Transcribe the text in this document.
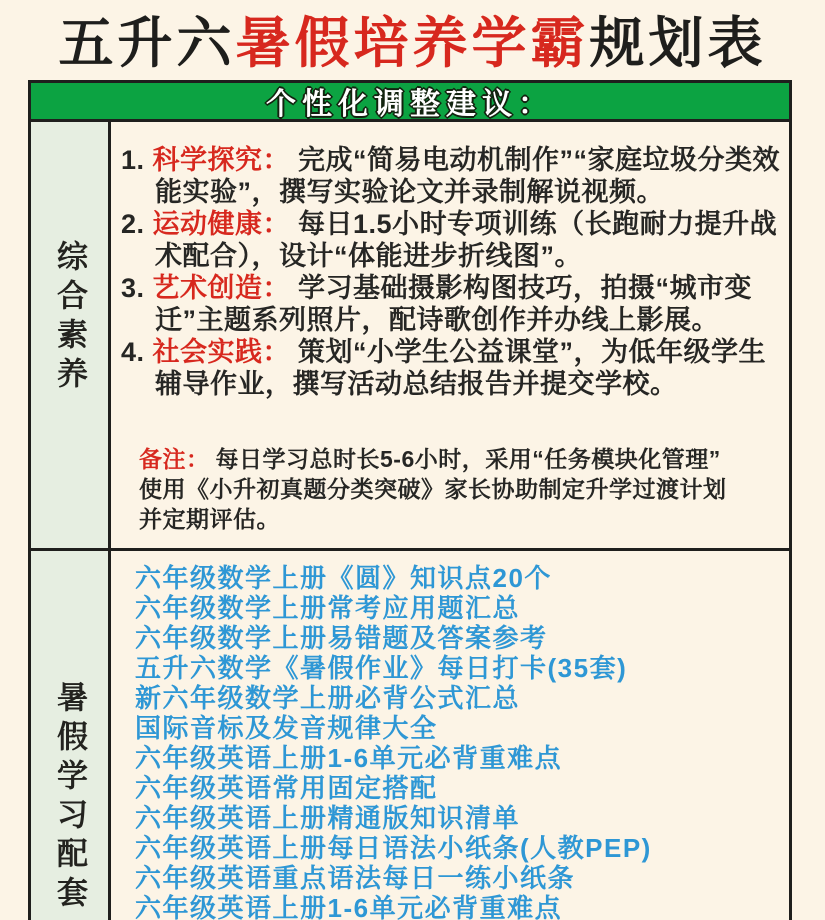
五升六暑假培养学霸规划表
个性化调整建议：
综合素养
1. 科学探究： 完成“简易电动机制作”“家庭垃圾分类效能实验”，撰写实验论文并录制解说视频。
2. 运动健康： 每日1.5小时专项训练（长跑耐力提升战术配合），设计“体能进步折线图”。
3. 艺术创造： 学习基础摄影构图技巧，拍摄“城市变迁”主题系列照片，配诗歌创作并办线上影展。
4. 社会实践： 策划“小学生公益课堂”，为低年级学生辅导作业，撰写活动总结报告并提交学校。
备注： 每日学习总时长5-6小时，采用“任务模块化管理”
使用《小升初真题分类突破》家长协助制定升学过渡计划
并定期评估。
暑假学习配套
六年级数学上册《圆》知识点20个
六年级数学上册常考应用题汇总
六年级数学上册易错题及答案参考
五升六数学《暑假作业》每日打卡(35套)
新六年级数学上册必背公式汇总
国际音标及发音规律大全
六年级英语上册1-6单元必背重难点
六年级英语常用固定搭配
六年级英语上册精通版知识清单
六年级英语上册每日语法小纸条(人教PEP)
六年级英语重点语法每日一练小纸条
六年级英语上册1-6单元必背重难点
